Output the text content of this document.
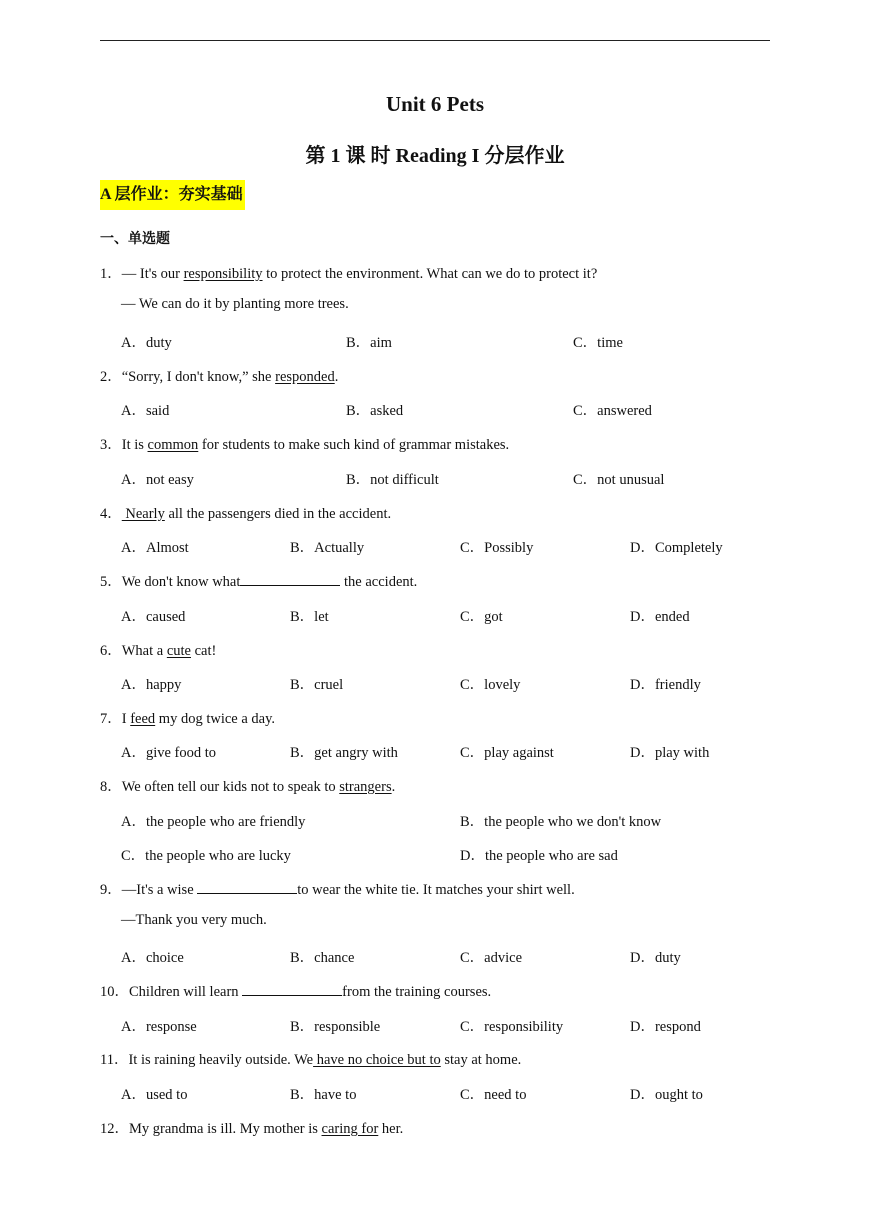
Unit 6 Pets
第 1 课 时 Reading I 分层作业
A 层作业：夯实基础
一、单选题
1．— It's our responsibility to protect the environment. What can we do to protect it?
— We can do it by planting more trees.
A．duty	B．aim	C．time
2．“Sorry, I don't know,” she responded.
A．said	B．asked	C．answered
3．It is common for students to make such kind of grammar mistakes.
A．not easy	B．not difficult	C．not unusual
4． Nearly all the passengers died in the accident.
A．Almost	B．Actually	C．Possibly	D．Completely
5．We don't know what	the accident.
A．caused	B．let	C．got	D．ended
6．What a cute cat!
A．happy	B．cruel	C．lovely	D．friendly
7．I feed my dog twice a day.
A．give food to	B．get angry with	C．play against	D．play with
8．We often tell our kids not to speak to strangers.
A．the people who are friendly	B．the people who we don't know
C．the people who are lucky	D．the people who are sad
9．—It's a wise	to wear the white tie. It matches your shirt well.
—Thank you very much.
A．choice	B．chance	C．advice	D．duty
10．Children will learn	from the training courses.
A．response	B．responsible	C．responsibility	D．respond
11．It is raining heavily outside. We have no choice but to stay at home.
A．used to	B．have to	C．need to	D．ought to
12．My grandma is ill. My mother is caring for her.
